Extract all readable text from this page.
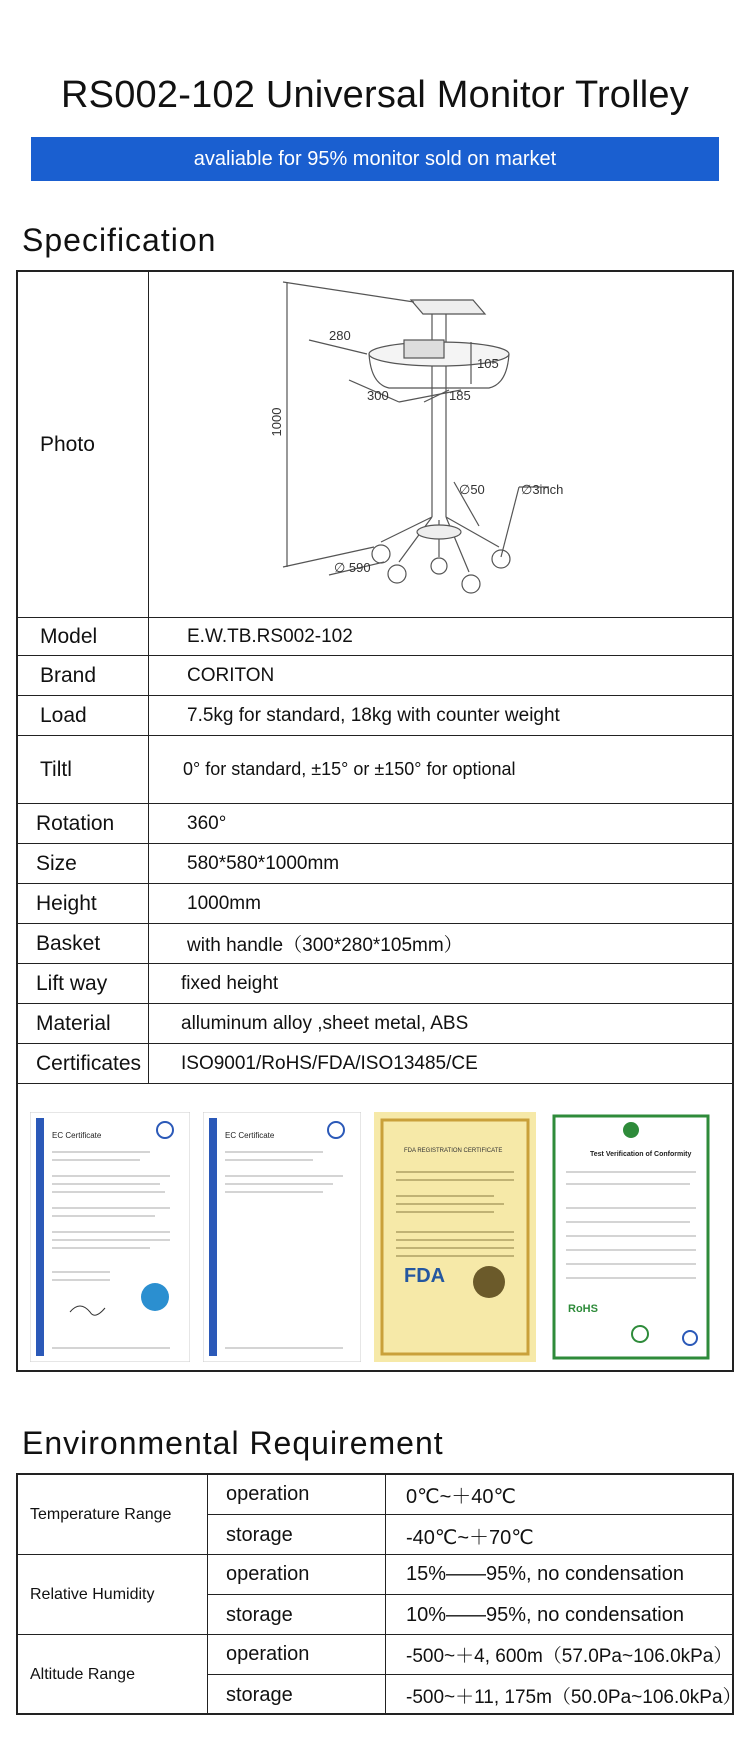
RS002-102 Universal Monitor Trolley
avaliable for 95% monitor sold on market
Specification
Photo
1000
280
300
105
185
∅50	∅3inch
∅ 590
Model	E.W.TB.RS002-102
Brand	CORITON
Load	7.5kg for standard, 18kg with counter weight
Tiltl	0° for standard, ±15° or ±150° for optional
Rotation	360°
Size	580*580*1000mm
Height	1000mm
Basket	with handle（300*280*105mm）
Lift way	fixed height
Material	alluminum alloy ,sheet metal, ABS
Certificates	ISO9001/RoHS/FDA/ISO13485/CE
EC Certificate	EC Certificate
FDA REGISTRATION CERTIFICATE
FDA
Test Verification of Conformity
RoHS
Environmental Requirement
Temperature Range
operation	0℃~＋40℃
storage	-40℃~＋70℃
Relative Humidity
operation	15%——95%, no condensation
storage	10%——95%, no condensation
Altitude Range
operation	-500~＋4, 600m（57.0Pa~106.0kPa）
storage	-500~＋11, 175m（50.0Pa~106.0kPa）
